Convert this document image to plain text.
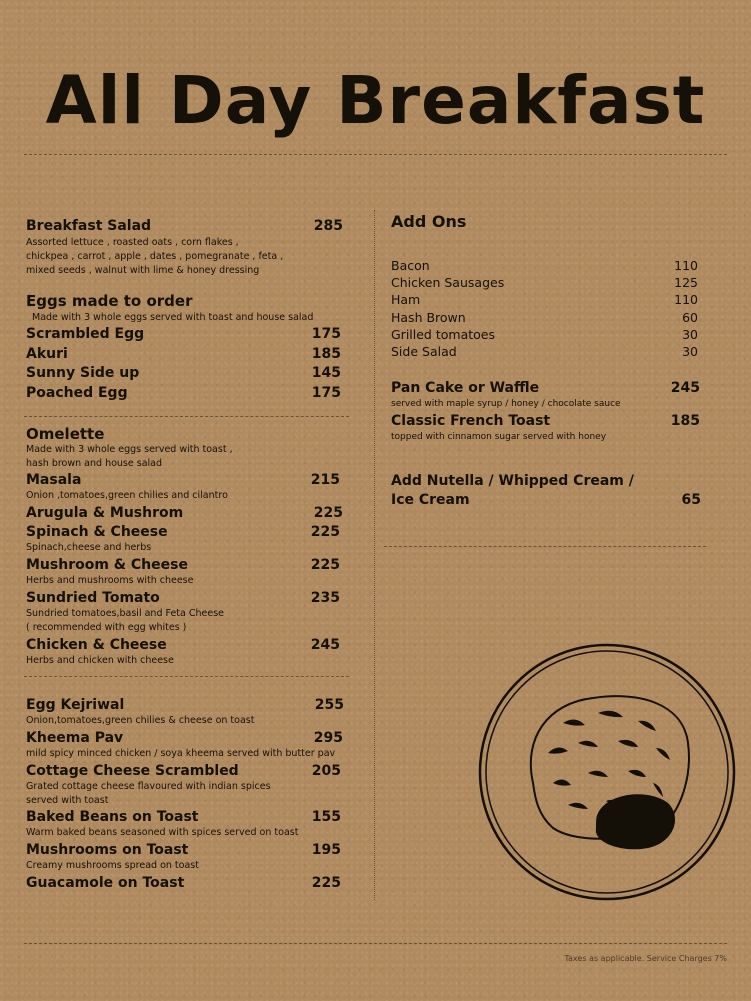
All Day Breakfast
Breakfast Salad	285
Assorted lettuce , roasted oats , corn flakes ,
chickpea , carrot , apple , dates , pomegranate , feta ,
mixed seeds , walnut with lime & honey dressing
Eggs made to order
Made with 3 whole eggs served with toast and house salad
Scrambled Egg	175
Akuri	185
Sunny Side up	145
Poached Egg	175
Omelette
Made with 3 whole eggs served with toast ,
hash brown and house salad
Masala	215
Onion ,tomatoes,green chilies and cilantro
Arugula & Mushrom	225
Spinach & Cheese	225
Spinach,cheese and herbs
Mushroom & Cheese	225
Herbs and mushrooms with cheese
Sundried Tomato	235
Sundried tomatoes,basil and Feta Cheese
( recommended with egg whites )
Chicken & Cheese	245
Herbs and chicken with cheese
Egg Kejriwal	255
Onion,tomatoes,green chilies & cheese on toast
Kheema Pav	295
mild spicy minced chicken / soya kheema served with butter pav
Cottage Cheese Scrambled	205
Grated cottage cheese flavoured with indian spices
served with toast
Baked Beans on Toast	155
Warm baked beans seasoned with spices served on toast
Mushrooms on Toast	195
Creamy mushrooms spread on toast
Guacamole on Toast	225
Add Ons
Bacon	110
Chicken Sausages	125
Ham	110
Hash Brown	60
Grilled tomatoes	30
Side Salad	30
Pan Cake or Waffle	245
served with maple syrup / honey / chocolate sauce
Classic French Toast	185
topped with cinnamon sugar served with honey
Add Nutella / Whipped Cream /
Ice Cream	65
Taxes as applicable. Service Charges 7%
